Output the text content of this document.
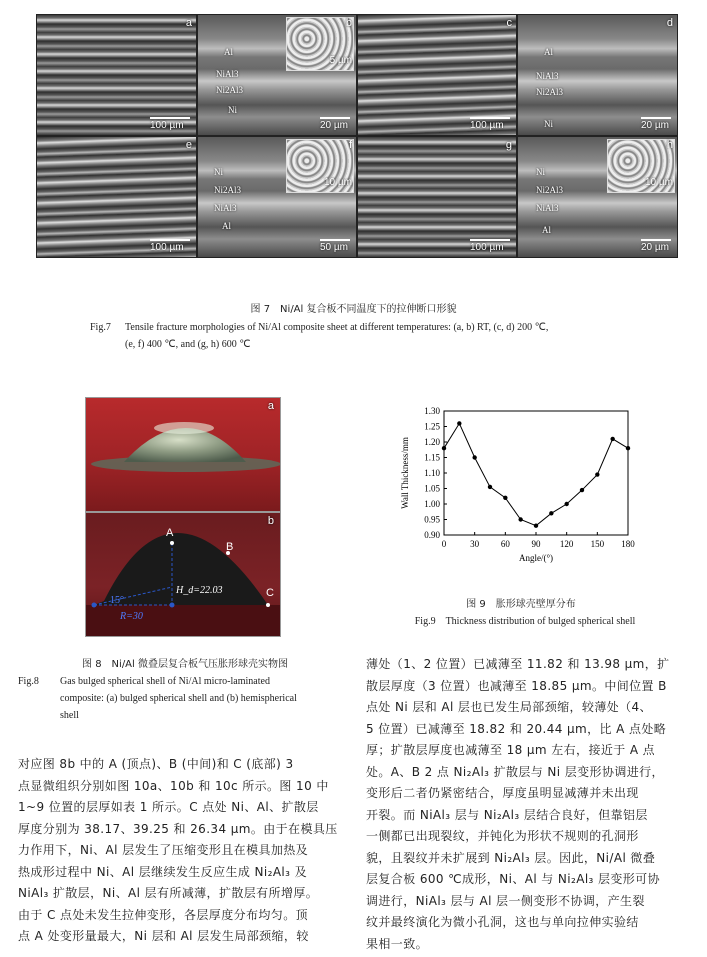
a
100 µm
b
5 µm
Al
NiAl3
Ni2Al3
Ni
20 µm
c
100 µm
d
Al
NiAl3
Ni2Al3
Ni	20 µm
e
100 µm
f
10 µm
Ni
Ni2Al3
NiAl3
Al
50 µm
g
100 µm
h
10 µm
Ni
Ni2Al3
NiAl3
Al
20 µm
图 7　Ni/Al 复合板不同温度下的拉伸断口形貌
Fig.7	Tensile fracture morphologies of Ni/Al composite sheet at different temperatures: (a, b) RT, (c, d) 200 ℃,
(e, f) 400 ℃, and (g, h) 600 ℃
a
b
A
B
C
H_d=22.03
15°
R=30
图 8　Ni/Al 微叠层复合板气压胀形球壳实物图
Fig.8	Gas bulged spherical shell of Ni/Al micro-laminated
composite: (a) bulged spherical shell and (b) hemispherical
shell
0.90
0.95
1.00
1.05
1.10
1.15
1.20
1.25
1.30
0	30 60 90 120 150 180
Angle/(°)
Wall Thickness/mm
图 9　胀形球壳壁厚分布
Fig.9　Thickness distribution of bulged spherical shell
对应图 8b 中的 A (顶点)、B (中间)和 C (底部) 3
点显微组织分别如图 10a、10b 和 10c 所示。图 10 中
1~9 位置的层厚如表 1 所示。C 点处 Ni、Al、扩散层
厚度分别为 38.17、39.25 和 26.34 μm。由于在模具压
力作用下，Ni、Al 层发生了压缩变形且在模具加热及
热成形过程中 Ni、Al 层继续发生反应生成 Ni₂Al₃ 及
NiAl₃ 扩散层，Ni、Al 层有所减薄，扩散层有所增厚。
由于 C 点处未发生拉伸变形，各层厚度分布均匀。顶
点 A 处变形量最大，Ni 层和 Al 层发生局部颈缩，较
薄处（1、2 位置）已减薄至 11.82 和 13.98 μm，扩
散层厚度（3 位置）也减薄至 18.85 μm。中间位置 B
点处 Ni 层和 Al 层也已发生局部颈缩，较薄处（4、
5 位置）已减薄至 18.82 和 20.44 μm，比 A 点处略
厚；扩散层厚度也减薄至 18 μm 左右，接近于 A 点
处。A、B 2 点 Ni₂Al₃ 扩散层与 Ni 层变形协调进行，
变形后二者仍紧密结合，厚度虽明显减薄并未出现
开裂。而 NiAl₃ 层与 Ni₂Al₃ 层结合良好，但靠铝层
一侧都已出现裂纹，并钝化为形状不规则的孔洞形
貌，且裂纹并未扩展到 Ni₂Al₃ 层。因此，Ni/Al 微叠
层复合板 600 ℃成形，Ni、Al 与 Ni₂Al₃ 层变形可协
调进行，NiAl₃ 层与 Al 层一侧变形不协调，产生裂
纹并最终演化为微小孔洞，这也与单向拉伸实验结
果相一致。
